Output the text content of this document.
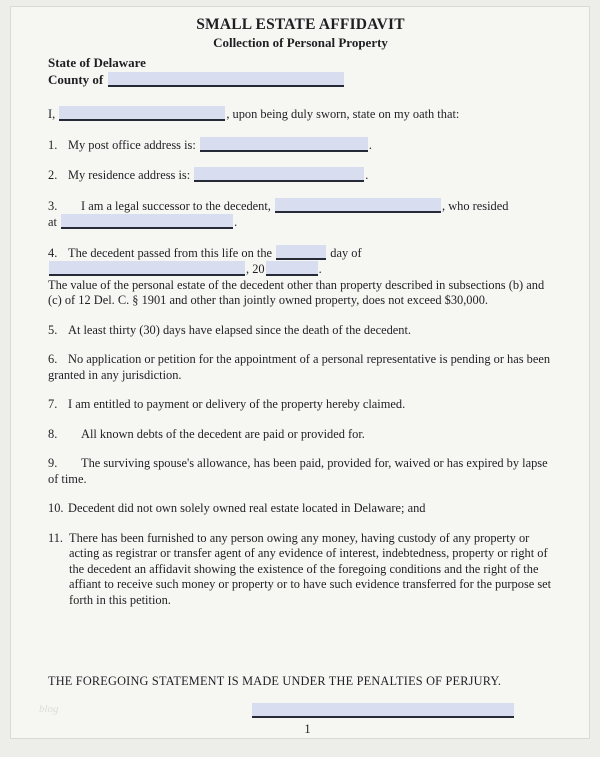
SMALL ESTATE AFFIDAVIT
Collection of Personal Property
State of Delaware
County of
I,	, upon being duly sworn, state on my oath that:

1. My post office address is:	.

2. My residence address is:	.

3. I am a legal successor to the decedent,	, who resided
at	.

4. The decedent passed from this life on the	day of
, 20	.
The value of the personal estate of the decedent other than property described in subsections (b) and (c) of 12 Del. C. § 1901 and other than jointly owned property, does not exceed $30,000.

5. At least thirty (30) days have elapsed since the death of the decedent.

6. No application or petition for the appointment of a personal representative is pending or has been granted in any jurisdiction.

7. I am entitled to payment or delivery of the property hereby claimed.

8. All known debts of the decedent are paid or provided for.

9. The surviving spouse's allowance, has been paid, provided for, waived or has expired by lapse of time.

10. Decedent did not own solely owned real estate located in Delaware; and

11. There has been furnished to any person owing any money, having custody of any property or acting as registrar or transfer agent of any evidence of interest, indebtedness, property or right of the decedent an affidavit showing the existence of the foregoing conditions and the right of the affiant to receive such money or property or to have such evidence transferred for the purpose set forth in this petition.

THE FOREGOING STATEMENT IS MADE UNDER THE PENALTIES OF PERJURY.

1
blog
